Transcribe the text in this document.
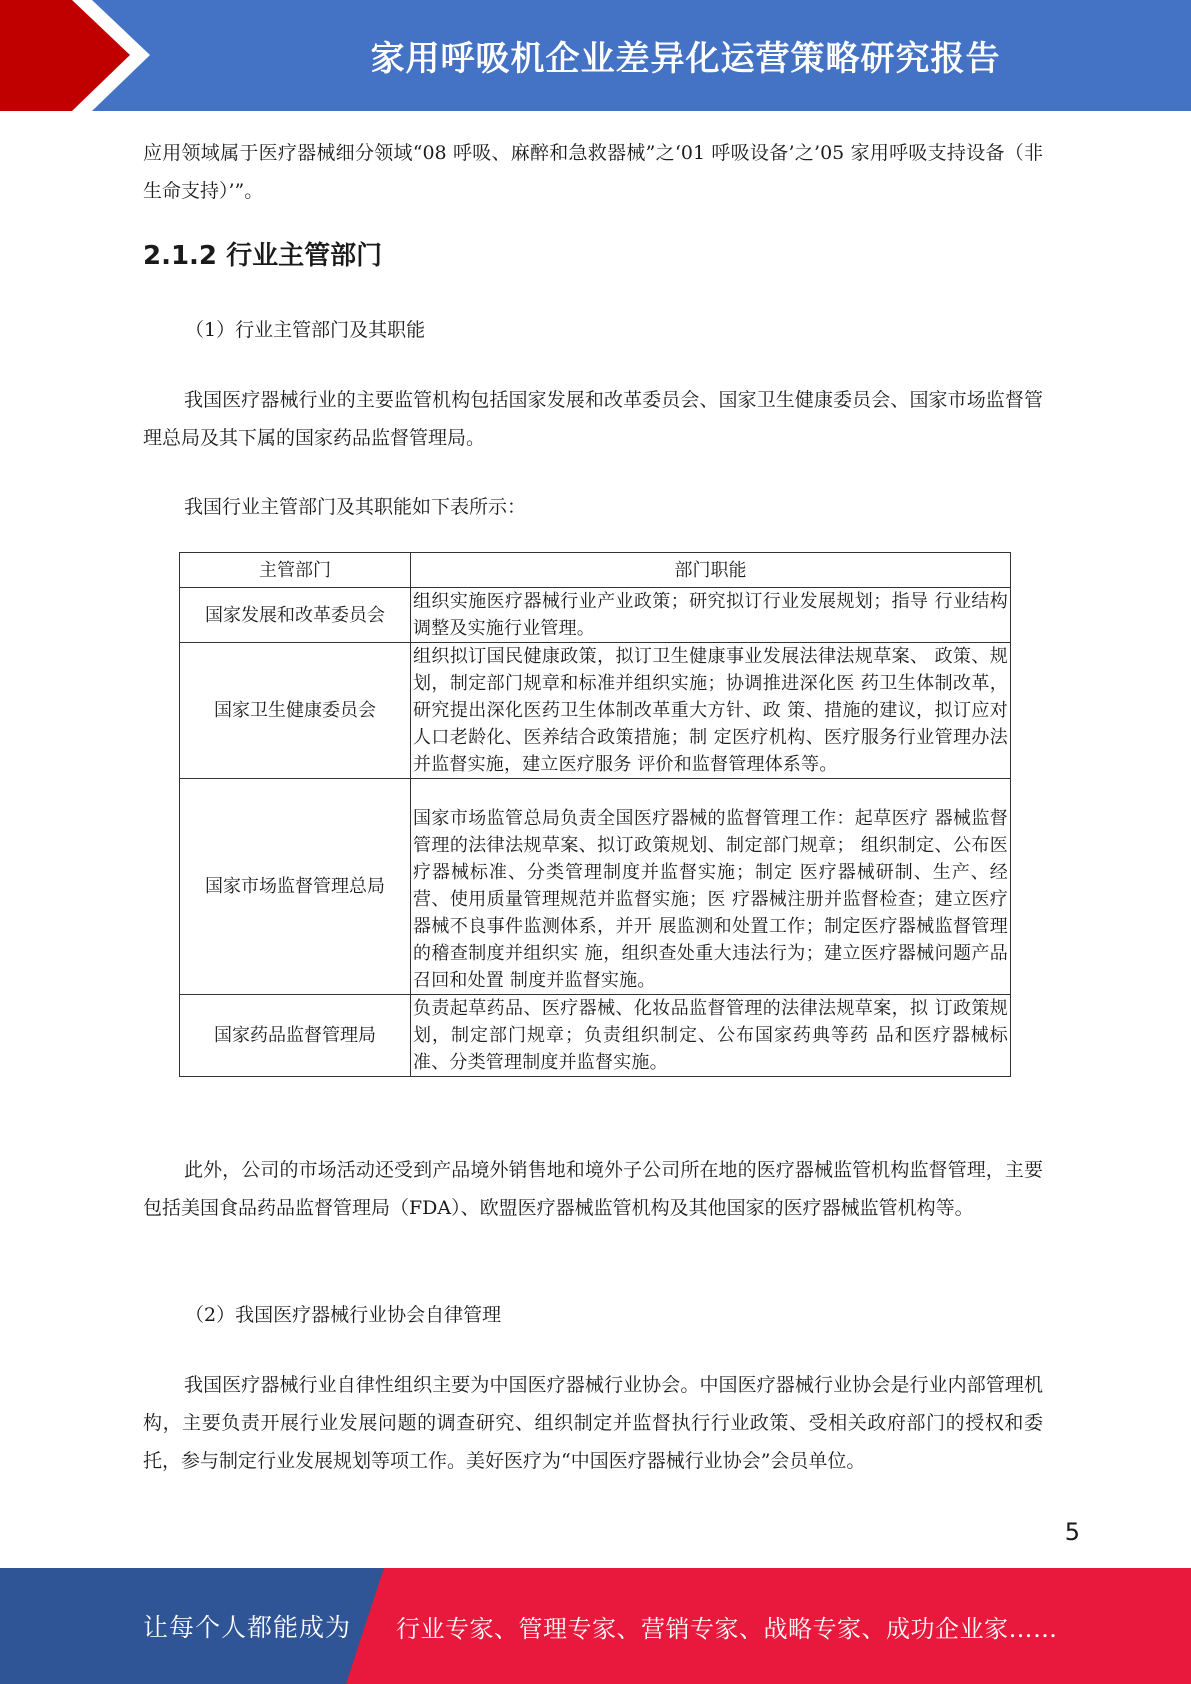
家用呼吸机企业差异化运营策略研究报告

应用领域属于医疗器械细分领域“08 呼吸、麻醉和急救器械”之‘01 呼吸设备’之’05 家用呼吸支持设备（非生命支持）’”。

2.1.2 行业主管部门

（1）行业主管部门及其职能

我国医疗器械行业的主要监管机构包括国家发展和改革委员会、国家卫生健康委员会、国家市场监督管理总局及其下属的国家药品监督管理局。

我国行业主管部门及其职能如下表所示：

主管部门	部门职能
国家发展和改革委员会	组织实施医疗器械行业产业政策；研究拟订行业发展规划；指导 行业结构调整及实施行业管理。
国家卫生健康委员会	组织拟订国民健康政策，拟订卫生健康事业发展法律法规草案、 政策、规划，制定部门规章和标准并组织实施；协调推进深化医 药卫生体制改革，研究提出深化医药卫生体制改革重大方针、政 策、措施的建议，拟订应对人口老龄化、医养结合政策措施；制 定医疗机构、医疗服务行业管理办法并监督实施，建立医疗服务 评价和监督管理体系等。
国家市场监督管理总局	国家市场监管总局负责全国医疗器械的监督管理工作：起草医疗 器械监督管理的法律法规草案、拟订政策规划、制定部门规章； 组织制定、公布医疗器械标准、分类管理制度并监督实施；制定 医疗器械研制、生产、经营、使用质量管理规范并监督实施；医 疗器械注册并监督检查；建立医疗器械不良事件监测体系，并开 展监测和处置工作；制定医疗器械监督管理的稽查制度并组织实 施，组织查处重大违法行为；建立医疗器械问题产品召回和处置 制度并监督实施。
国家药品监督管理局	负责起草药品、医疗器械、化妆品监督管理的法律法规草案，拟 订政策规划，制定部门规章；负责组织制定、公布国家药典等药 品和医疗器械标准、分类管理制度并监督实施。

此外，公司的市场活动还受到产品境外销售地和境外子公司所在地的医疗器械监管机构监督管理，主要包括美国食品药品监督管理局（FDA）、欧盟医疗器械监管机构及其他国家的医疗器械监管机构等。

（2）我国医疗器械行业协会自律管理

我国医疗器械行业自律性组织主要为中国医疗器械行业协会。中国医疗器械行业协会是行业内部管理机构，主要负责开展行业发展问题的调查研究、组织制定并监督执行行业政策、受相关政府部门的授权和委托，参与制定行业发展规划等项工作。美好医疗为“中国医疗器械行业协会”会员单位。

5
让每个人都能成为 行业专家、管理专家、营销专家、战略专家、成功企业家……
